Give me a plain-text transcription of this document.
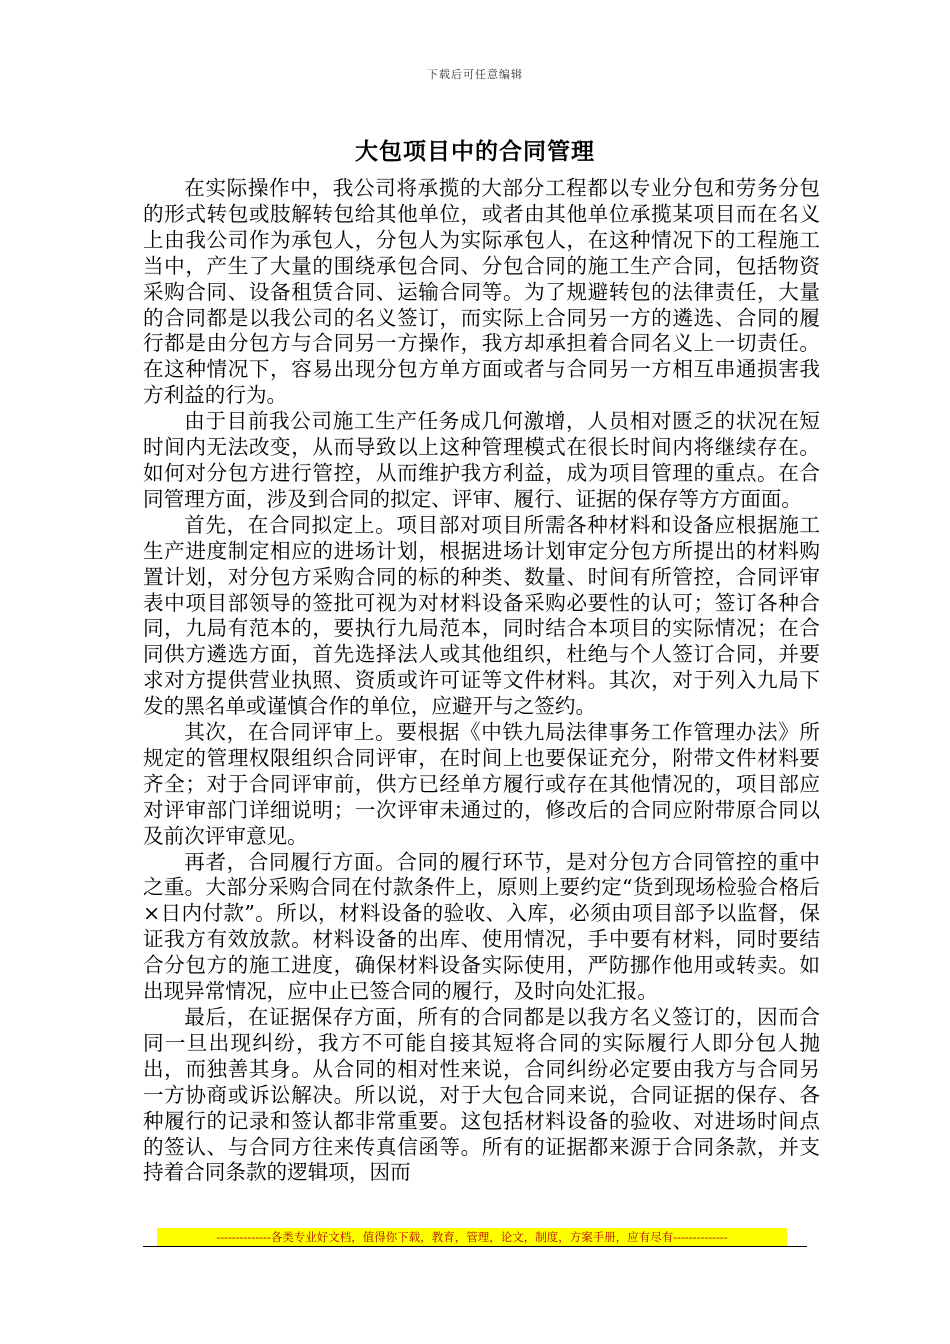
下载后可任意编辑
大包项目中的合同管理

在实际操作中，我公司将承揽的大部分工程都以专业分包和劳务分包的形式转包或肢解转包给其他单位，或者由其他单位承揽某项目而在名义上由我公司作为承包人，分包人为实际承包人，在这种情况下的工程施工当中，产生了大量的围绕承包合同、分包合同的施工生产合同，包括物资采购合同、设备租赁合同、运输合同等。为了规避转包的法律责任，大量的合同都是以我公司的名义签订，而实际上合同另一方的遴选、合同的履行都是由分包方与合同另一方操作，我方却承担着合同名义上一切责任。在这种情况下，容易出现分包方单方面或者与合同另一方相互串通损害我方利益的行为。

由于目前我公司施工生产任务成几何激增，人员相对匮乏的状况在短时间内无法改变，从而导致以上这种管理模式在很长时间内将继续存在。如何对分包方进行管控，从而维护我方利益，成为项目管理的重点。在合同管理方面，涉及到合同的拟定、评审、履行、证据的保存等方方面面。

首先，在合同拟定上。项目部对项目所需各种材料和设备应根据施工生产进度制定相应的进场计划，根据进场计划审定分包方所提出的材料购置计划，对分包方采购合同的标的种类、数量、时间有所管控，合同评审表中项目部领导的签批可视为对材料设备采购必要性的认可；签订各种合同，九局有范本的，要执行九局范本，同时结合本项目的实际情况；在合同供方遴选方面，首先选择法人或其他组织，杜绝与个人签订合同，并要求对方提供营业执照、资质或许可证等文件材料。其次，对于列入九局下发的黑名单或谨慎合作的单位，应避开与之签约。

其次，在合同评审上。要根据《中铁九局法律事务工作管理办法》所规定的管理权限组织合同评审，在时间上也要保证充分，附带文件材料要齐全；对于合同评审前，供方已经单方履行或存在其他情况的，项目部应对评审部门详细说明；一次评审未通过的，修改后的合同应附带原合同以及前次评审意见。

再者，合同履行方面。合同的履行环节，是对分包方合同管控的重中之重。大部分采购合同在付款条件上，原则上要约定“货到现场检验合格后×日内付款”。所以，材料设备的验收、入库，必须由项目部予以监督，保证我方有效放款。材料设备的出库、使用情况，手中要有材料，同时要结合分包方的施工进度，确保材料设备实际使用，严防挪作他用或转卖。如出现异常情况，应中止已签合同的履行，及时向处汇报。

最后，在证据保存方面，所有的合同都是以我方名义签订的，因而合同一旦出现纠纷，我方不可能自接其短将合同的实际履行人即分包人抛出，而独善其身。从合同的相对性来说，合同纠纷必定要由我方与合同另一方协商或诉讼解决。所以说，对于大包合同来说，合同证据的保存、各种履行的记录和签认都非常重要。这包括材料设备的验收、对进场时间点的签认、与合同方往来传真信函等。所有的证据都来源于合同条款，并支持着合同条款的逻辑项，因而

--------------各类专业好文档，值得你下载，教育，管理，论文，制度，方案手册，应有尽有--------------
